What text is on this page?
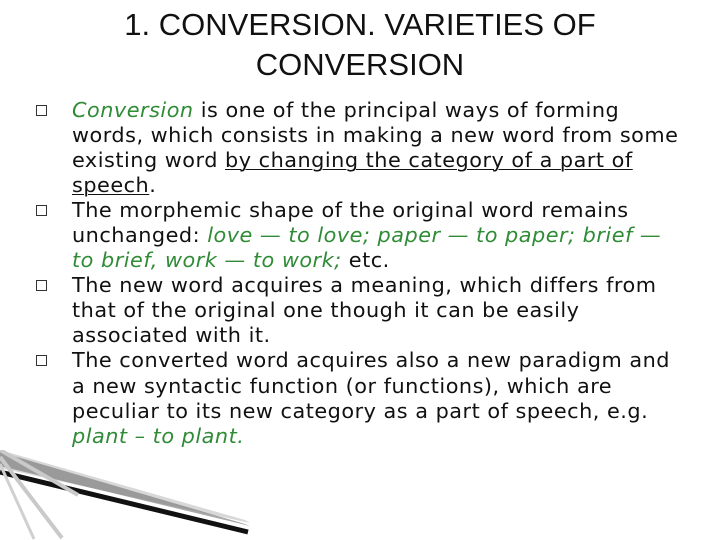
1. CONVERSION. VARIETIES OF
CONVERSION
Conversion is one of the principal ways of forming words, which consists in making a new word from some existing word by changing the category of a part of speech.
The morphemic shape of the original word remains unchanged: love — to love; paper — to paper; brief — to brief, work — to work; etc.
The new word acquires a meaning, which differs from that of the original one though it can be easily associated with it.
The converted word acquires also a new paradigm and a new syntactic function (or functions), which are peculiar to its new category as a part of speech, e.g. plant – to plant.
